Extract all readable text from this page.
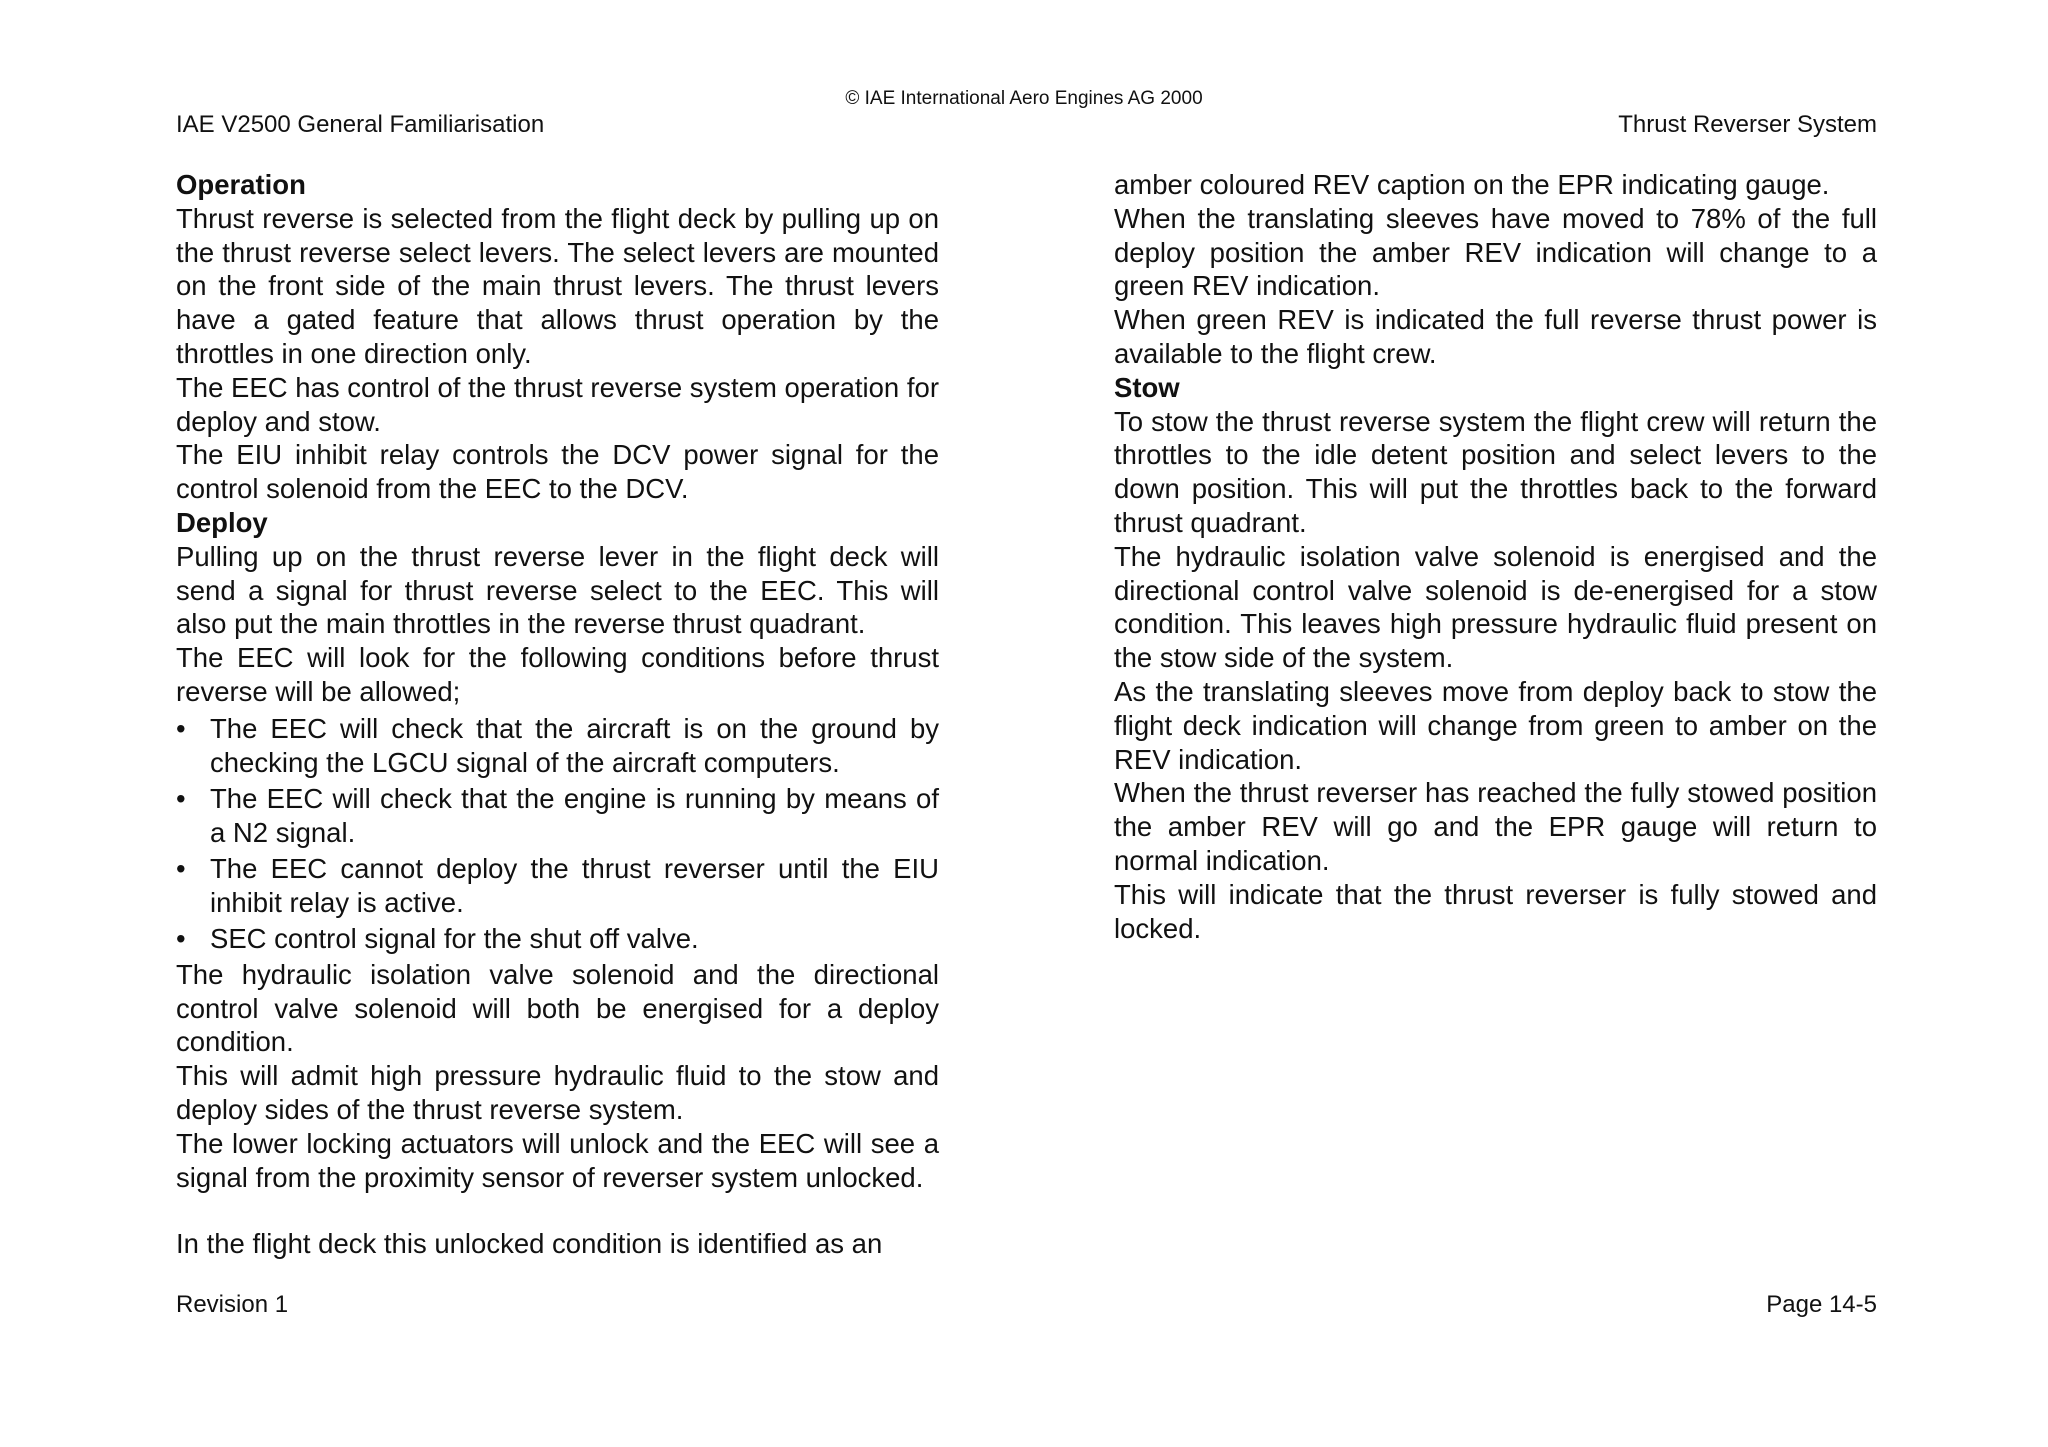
© IAE International Aero Engines AG 2000
IAE V2500 General Familiarisation	Thrust Reverser System
Operation

Thrust reverse is selected from the flight deck by pulling up on the thrust reverse select levers. The select levers are mounted on the front side of the main thrust levers. The thrust levers have a gated feature that allows thrust operation by the throttles in one direction only.

The EEC has control of the thrust reverse system operation for deploy and stow.

The EIU inhibit relay controls the DCV power signal for the control solenoid from the EEC to the DCV.

Deploy

Pulling up on the thrust reverse lever in the flight deck will send a signal for thrust reverse select to the EEC. This will also put the main throttles in the reverse thrust quadrant.

The EEC will look for the following conditions before thrust reverse will be allowed;

• The EEC will check that the aircraft is on the ground by checking the LGCU signal of the aircraft computers.
• The EEC will check that the engine is running by means of a N2 signal.
• The EEC cannot deploy the thrust reverser until the EIU inhibit relay is active.
• SEC control signal for the shut off valve.

The hydraulic isolation valve solenoid and the directional control valve solenoid will both be energised for a deploy condition.

This will admit high pressure hydraulic fluid to the stow and deploy sides of the thrust reverse system.

The lower locking actuators will unlock and the EEC will see a signal from the proximity sensor of reverser system unlocked.

In the flight deck this unlocked condition is identified as an

amber coloured REV caption on the EPR indicating gauge.

When the translating sleeves have moved to 78% of the full deploy position the amber REV indication will change to a green REV indication.

When green REV is indicated the full reverse thrust power is available to the flight crew.

Stow

To stow the thrust reverse system the flight crew will return the throttles to the idle detent position and select levers to the down position. This will put the throttles back to the forward thrust quadrant.

The hydraulic isolation valve solenoid is energised and the directional control valve solenoid is de-energised for a stow condition. This leaves high pressure hydraulic fluid present on the stow side of the system.

As the translating sleeves move from deploy back to stow the flight deck indication will change from green to amber on the REV indication.

When the thrust reverser has reached the fully stowed position the amber REV will go and the EPR gauge will return to normal indication.

This will indicate that the thrust reverser is fully stowed and locked.

Revision 1	Page 14-5
